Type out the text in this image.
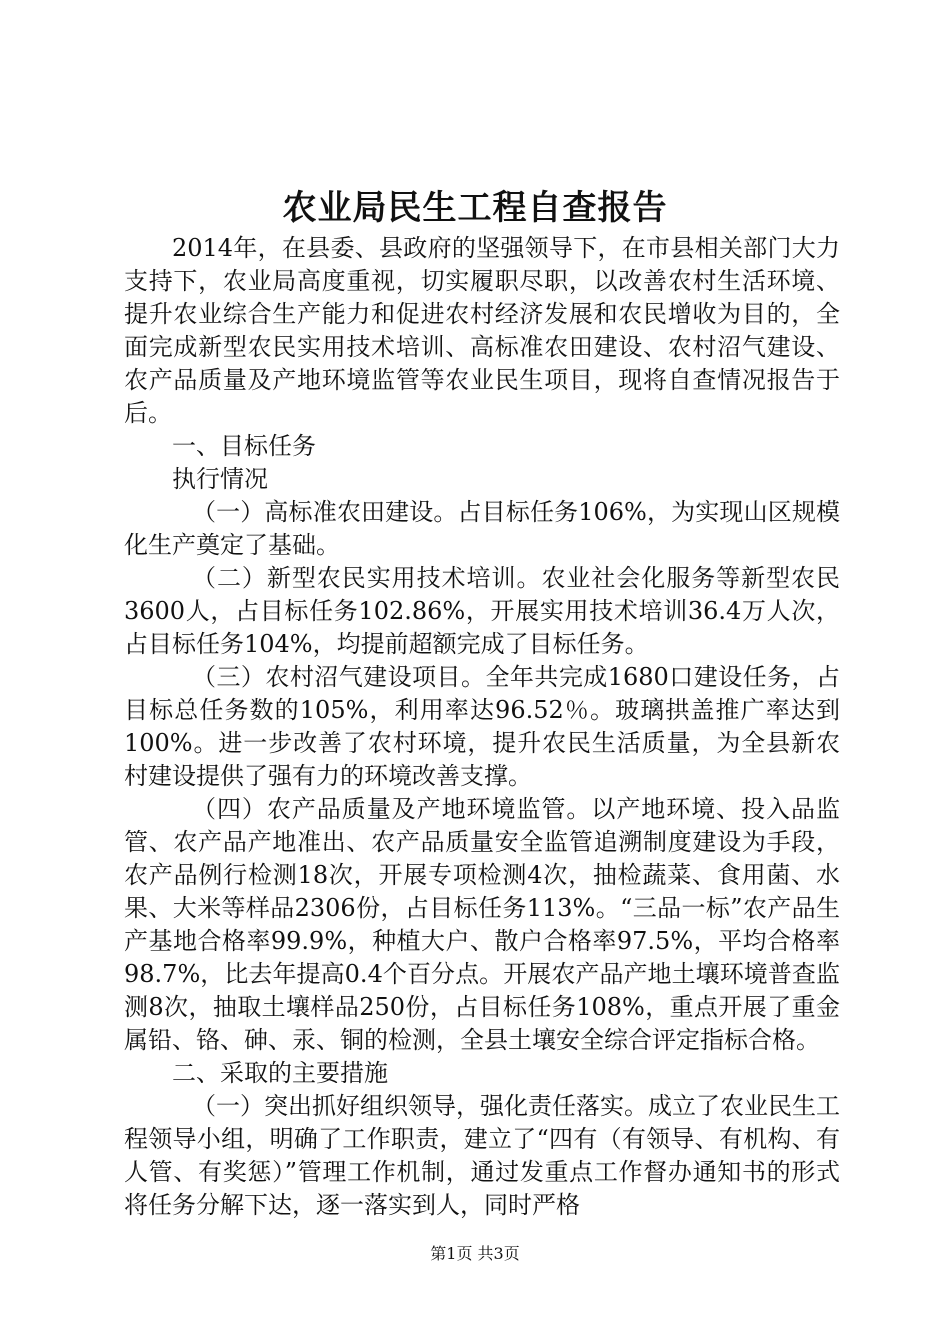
农业局民生工程自查报告

2014年，在县委、县政府的坚强领导下，在市县相关部门大力支持下，农业局高度重视，切实履职尽职，以改善农村生活环境、提升农业综合生产能力和促进农村经济发展和农民增收为目的，全面完成新型农民实用技术培训、高标准农田建设、农村沼气建设、农产品质量及产地环境监管等农业民生项目，现将自查情况报告于后。

一、目标任务

执行情况

（一）高标准农田建设。占目标任务106%，为实现山区规模化生产奠定了基础。

（二）新型农民实用技术培训。农业社会化服务等新型农民3600人，占目标任务102.86%，开展实用技术培训36.4万人次，占目标任务104%，均提前超额完成了目标任务。

（三）农村沼气建设项目。全年共完成1680口建设任务，占目标总任务数的105%，利用率达96.52％。玻璃拱盖推广率达到100%。进一步改善了农村环境，提升农民生活质量，为全县新农村建设提供了强有力的环境改善支撑。

（四）农产品质量及产地环境监管。以产地环境、投入品监管、农产品产地准出、农产品质量安全监管追溯制度建设为手段，农产品例行检测18次，开展专项检测4次，抽检蔬菜、食用菌、水果、大米等样品2306份，占目标任务113%。“三品一标”农产品生产基地合格率99.9%，种植大户、散户合格率97.5%，平均合格率98.7%，比去年提高0.4个百分点。开展农产品产地土壤环境普查监测8次，抽取土壤样品250份，占目标任务108%，重点开展了重金属铅、铬、砷、汞、铜的检测，全县土壤安全综合评定指标合格。

二、采取的主要措施

（一）突出抓好组织领导，强化责任落实。成立了农业民生工程领导小组，明确了工作职责，建立了“四有（有领导、有机构、有人管、有奖惩）”管理工作机制，通过发重点工作督办通知书的形式将任务分解下达，逐一落实到人，同时严格

第1页 共3页
